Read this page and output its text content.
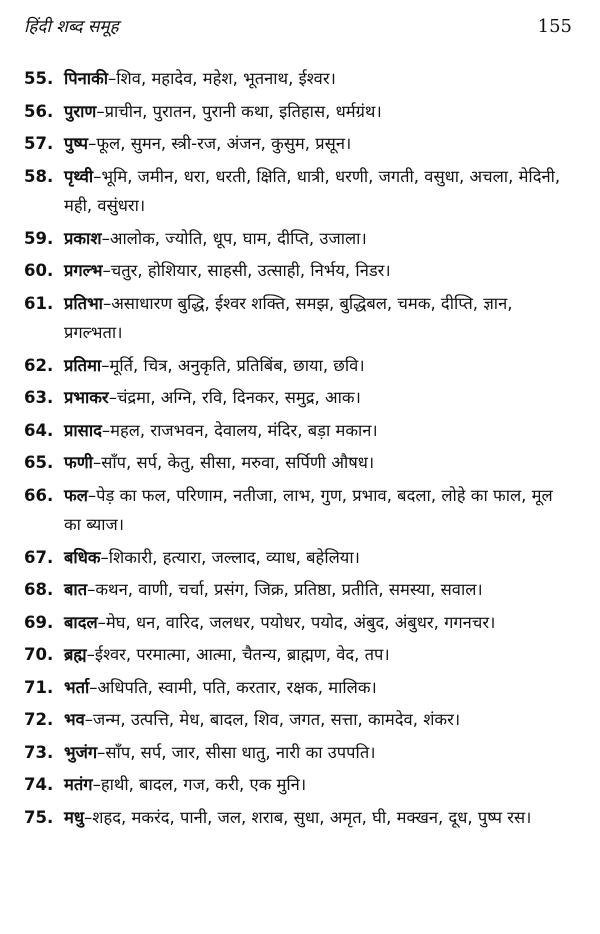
हिंदी शब्द समूह	155
55. पिनाकी–शिव, महादेव, महेश, भूतनाथ, ईश्वर।
56. पुराण–प्राचीन, पुरातन, पुरानी कथा, इतिहास, धर्मग्रंथ।
57. पुष्प–फूल, सुमन, स्त्री-रज, अंजन, कुसुम, प्रसून।
58. पृथ्वी–भूमि, जमीन, धरा, धरती, क्षिति, धात्री, धरणी, जगती, वसुधा, अचला, मेदिनी, मही, वसुंधरा।
59. प्रकाश–आलोक, ज्योति, धूप, घाम, दीप्ति, उजाला।
60. प्रगल्भ–चतुर, होशियार, साहसी, उत्साही, निर्भय, निडर।
61. प्रतिभा–असाधारण बुद्धि, ईश्वर शक्ति, समझ, बुद्धिबल, चमक, दीप्ति, ज्ञान, प्रगल्भता।
62. प्रतिमा–मूर्ति, चित्र, अनुकृति, प्रतिबिंब, छाया, छवि।
63. प्रभाकर–चंद्रमा, अग्नि, रवि, दिनकर, समुद्र, आक।
64. प्रासाद–महल, राजभवन, देवालय, मंदिर, बड़ा मकान।
65. फणी–साँप, सर्प, केतु, सीसा, मरुवा, सर्पिणी औषध।
66. फल–पेड़ का फल, परिणाम, नतीजा, लाभ, गुण, प्रभाव, बदला, लोहे का फाल, मूल का ब्याज।
67. बधिक–शिकारी, हत्यारा, जल्लाद, व्याध, बहेलिया।
68. बात–कथन, वाणी, चर्चा, प्रसंग, जिक्र, प्रतिष्ठा, प्रतीति, समस्या, सवाल।
69. बादल–मेघ, धन, वारिद, जलधर, पयोधर, पयोद, अंबुद, अंबुधर, गगनचर।
70. ब्रह्म–ईश्वर, परमात्मा, आत्मा, चैतन्य, ब्राह्मण, वेद, तप।
71. भर्ता–अधिपति, स्वामी, पति, करतार, रक्षक, मालिक।
72. भव–जन्म, उत्पत्ति, मेध, बादल, शिव, जगत, सत्ता, कामदेव, शंकर।
73. भुजंग–साँप, सर्प, जार, सीसा धातु, नारी का उपपति।
74. मतंग–हाथी, बादल, गज, करी, एक मुनि।
75. मधु–शहद, मकरंद, पानी, जल, शराब, सुधा, अमृत, घी, मक्खन, दूध, पुष्प रस।
